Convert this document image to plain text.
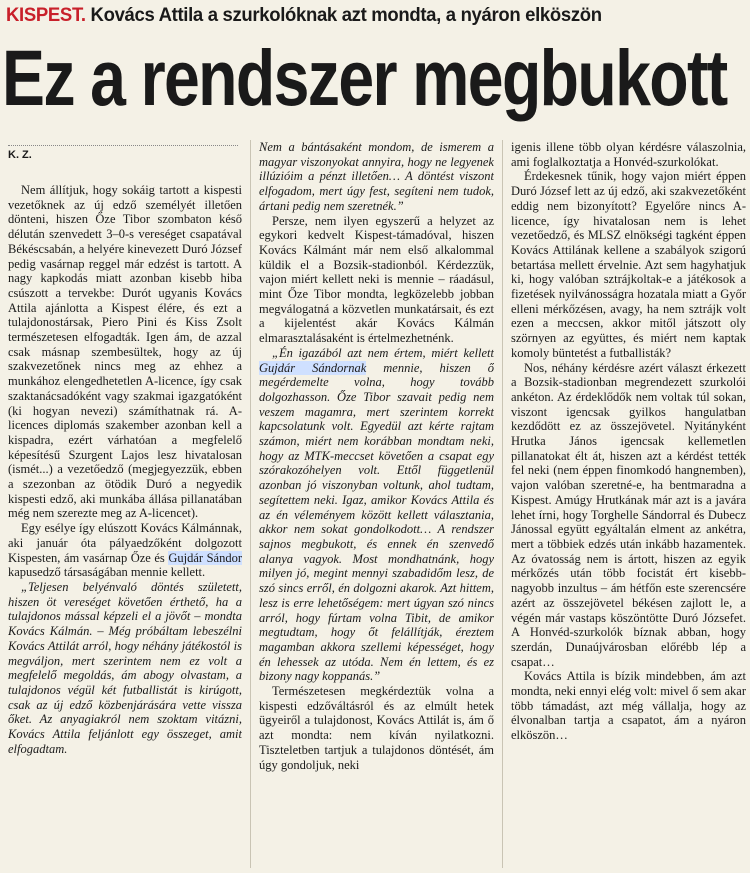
KISPEST. Kovács Attila a szurkolóknak azt mondta, a nyáron elköszön
Ez a rendszer megbukott
K. Z.

Nem állítjuk, hogy sokáig tartott a kispesti vezetőknek az új edző személyét illetően dönteni, hiszen Őze Tibor szombaton késő délután szenvedett 3–0-s vereséget csapatával Békéscsabán, a helyére kinevezett Duró József pedig vasárnap reggel már edzést is tartott. A nagy kapkodás miatt azonban kisebb hiba csúszott a tervekbe: Durót ugyanis Kovács Attila ajánlotta a Kispest élére, és ezt a tulajdonostársak, Piero Pini és Kiss Zsolt természetesen elfogadták. Igen ám, de azzal csak másnap szembesültek, hogy az új szakvezetőnek nincs meg az ehhez a munkához elengedhetetlen A-licence, így csak szaktanácsadóként vagy szakmai igazgatóként (ki hogyan nevezi) számíthatnak rá. A-licences diplomás szakember azonban kell a kispadra, ezért várhatóan a megfelelő képesítésű Szurgent Lajos lesz hivatalosan (ismét...) a vezetőedző (megjegyezzük, ebben a szezonban az ötödik Duró a negyedik kispesti edző, aki munkába állása pillanatában még nem szerezte meg az A-licencet).

Egy esélye így elúszott Kovács Kálmánnak, aki január óta pályaedzőként dolgozott Kispesten, ám vasárnap Őze és Gujdár Sándor kapusedző társaságában mennie kellett.

„Teljesen belyénvaló döntés született, hiszen öt vereséget követően érthető, ha a tulajdonos mással képzeli el a jövőt – mondta Kovács Kálmán. – Még próbáltam lebeszélni Kovács Attilát arról, hogy néhány játékostól is megváljon, mert szerintem nem ez volt a megfelelő megoldás, ám abogy olvastam, a tulajdonos végül két futballistát is kirúgott, csak az új edző közbenjárására vette vissza őket. Az anyagiakról nem szoktam vitázni, Kovács Attila feljánlott egy összeget, amit elfogadtam.

Nem a bántásaként mondom, de ismerem a magyar viszonyokat annyira, hogy ne legyenek illúzióim a pénzt illetően… A döntést viszont elfogadom, mert úgy fest, segíteni nem tudok, ártani pedig nem szeretnék.”

Persze, nem ilyen egyszerű a helyzet az egykori kedvelt Kispest-támadóval, hiszen Kovács Kálmánt már nem első alkalommal küldik el a Bozsik-stadionból. Kérdezzük, vajon miért kellett neki is mennie – ráadásul, mint Őze Tibor mondta, legközelebb jobban megválogatná a közvetlen munkatársait, és ezt a kijelentést akár Kovács Kálmán elmarasztalásaként is értelmezhetnénk.

„Én igazából azt nem értem, miért kellett Gujdár Sándornak mennie, hiszen ő megérdemelte volna, hogy tovább dolgozhasson. Őze Tibor szavait pedig nem veszem magamra, mert szerintem korrekt kapcsolatunk volt. Egyedül azt kérte rajtam számon, miért nem korábban mondtam neki, hogy az MTK-meccset követően a csapat egy szórakozóhelyen volt. Ettől függetlenül azonban jó viszonyban voltunk, ahol tudtam, segítettem neki. Igaz, amikor Kovács Attila és az én véleményem között kellett választania, akkor nem sokat gondolkodott… A rendszer sajnos megbukott, és ennek én szenvedő alanya vagyok. Most mondhatnánk, hogy milyen jó, megint mennyi szabadidőm lesz, de szó sincs erről, én dolgozni akarok. Azt hittem, lesz is erre lehetőségem: mert úgyan szó nincs arról, hogy fúrtam volna Tibit, de amikor megtudtam, hogy őt felállítják, éreztem magamban akkora szellemi képességet, hogy én lehessek az utóda. Nem én lettem, és ez bizony nagy koppanás.”

Természetesen megkérdeztük volna a kispesti edzőváltásról és az elmúlt hetek ügyeiről a tulajdonost, Kovács Attilát is, ám ő azt mondta: nem kíván nyilatkozni. Tiszteletben tartjuk a tulajdonos döntését, ám úgy gondoljuk, neki

igenis illene több olyan kérdésre válaszolnia, ami foglalkoztatja a Honvéd-szurkolókat.

Érdekesnek tűnik, hogy vajon miért éppen Duró József lett az új edző, aki szakvezetőként eddig nem bizonyított? Egyelőre nincs A-licence, így hivatalosan nem is lehet vezetőedző, és MLSZ elnökségi tagként éppen Kovács Attilának kellene a szabályok szigorú betartása mellett érvelnie. Azt sem hagyhatjuk ki, hogy valóban sztrájkoltak-e a játékosok a fizetések nyilvánosságra hozatala miatt a Győr elleni mérkőzésen, avagy, ha nem sztrájk volt ezen a meccsen, akkor mitől játszott oly szörnyen az együttes, és miért nem kaptak komoly büntetést a futballisták?

Nos, néhány kérdésre azért választ érkezett a Bozsik-stadionban megrendezett szurkolói ankéton. Az érdeklődők nem voltak túl sokan, viszont igencsak gyilkos hangulatban kezdődött ez az összejövetel. Nyitányként Hrutka János igencsak kellemetlen pillanatokat élt át, hiszen azt a kérdést tették fel neki (nem éppen finomkodó hangnemben), vajon valóban szeretné-e, ha bentmaradna a Kispest. Amúgy Hrutkának már azt is a javára lehet írni, hogy Torghelle Sándorral és Dubecz Jánossal együtt egyáltalán elment az ankétra, mert a többiek edzés után inkább hazamentek. Az óvatosság nem is ártott, hiszen az egyik mérkőzés után több focistát ért kisebb-nagyobb inzultus – ám hétfőn este szerencsére azért az összejövetel békésen zajlott le, a végén már vastaps köszöntötte Duró Józsefet. A Honvéd-szurkolók bíznak abban, hogy szerdán, Dunaújvárosban előrébb lép a csapat…

Kovács Attila is bízik mindebben, ám azt mondta, neki ennyi elég volt: mivel ő sem akar több támadást, azt még vállalja, hogy az élvonalban tartja a csapatot, ám a nyáron elköszön…
